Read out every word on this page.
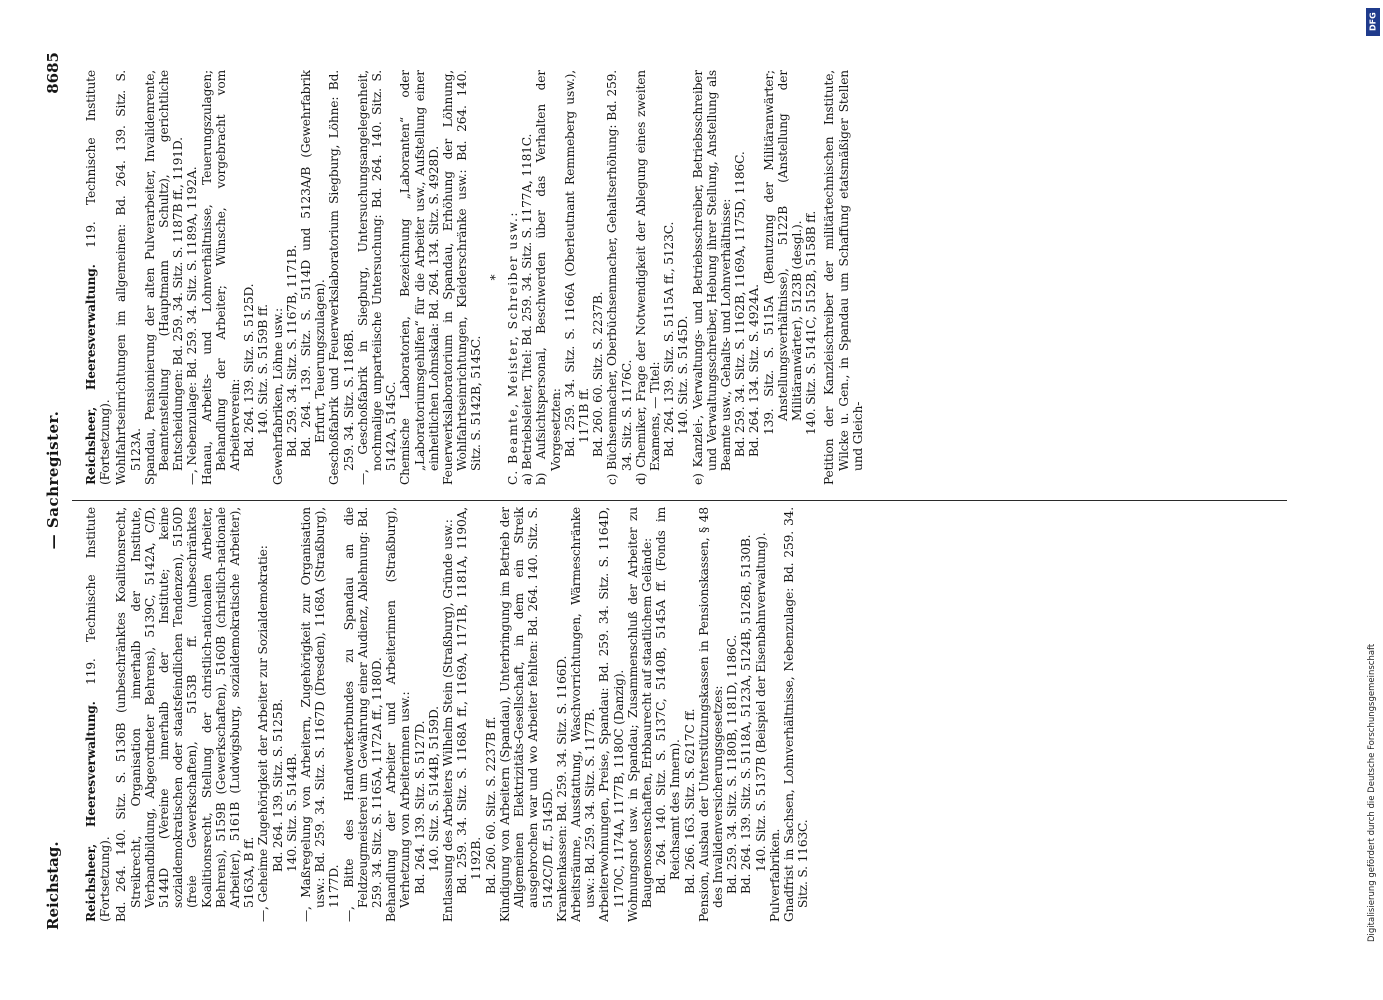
Reichstag.
— Sachregister.
8685

Reichsheer, Heeresverwaltung. 119. Technische Institute (Fortsetzung). Bd. 264. 140. Sitz. S. 5136B (unbeschränktes Koalitionsrecht, Streikrecht, Organisation innerhalb der Institute, Verbandbildung, Abgeordneter Behrens), 5139C, 5142A, C/D, 5144D (Vereine innerhalb der Institute; keine sozialdemokratischen oder staatsfeindlichen Tendenzen), 5150D (freie Gewerkschaften), 5153B ff. (unbeschränktes Koalitionsrecht, Stellung der christlich-nationalen Arbeiter, Behrens), 5159B (Gewerkschaften), 5160B (christlich-nationale Arbeiter), 5161B (Ludwigsburg, sozialdemokratische Arbeiter), 5163A, B ff. —, Geheime Zugehörigkeit der Arbeiter zur Sozialdemokratie: Bd. 264. 139. Sitz. S. 5125B. 140. Sitz. S. 5144B. —, Maßregelung von Arbeitern, Zugehörigkeit zur Organisation usw.: Bd. 259. 34. Sitz. S. 1167D (Dresden), 1168A (Straßburg), 1177D. —, Bitte des Handwerkerbundes zu Spandau an die Feldzeugmeisterei um Gewährung einer Audienz, Ablehnung: Bd. 259. 34. Sitz. S. 1165A, 1172A ff., 1180D. Behandlung der Arbeiter und Arbeiterinnen (Straßburg), Verhetzung von Arbeiterinnen usw.: Bd. 264. 139. Sitz. S. 5127D. 140. Sitz. S. 5144B, 5159D. Entlassung des Arbeiters Wilhelm Stein (Straßburg), Gründe usw.: Bd. 259. 34. Sitz. S. 1168A ff., 1169A, 1171B, 1181A, 1190A, 1192B. Bd. 260. 60. Sitz. S. 2237B ff. Kündigung von Arbeitern (Spandau), Unterbringung im Betrieb der Allgemeinen Elektrizitäts-Gesellschaft, in dem ein Streik ausgebrochen war und wo Arbeiter fehlten: Bd. 264. 140. Sitz. S. 5142C/D ff., 5145D. Krankenkassen: Bd. 259. 34. Sitz. S. 1166D. Arbeitsräume, Ausstattung, Waschvorrichtungen, Wärmeschränke usw.: Bd. 259. 34. Sitz. S. 1177B. Arbeiterwohnungen, Preise, Spandau: Bd. 259. 34. Sitz. S. 1164D, 1170C, 1174A, 1177B, 1180C (Danzig). Wohnungsnot usw. in Spandau; Zusammenschluß der Arbeiter zu Baugenossenschaften, Erbbaurecht auf staatlichem Gelände: Bd. 264. 140. Sitz. S. 5137C, 5140B, 5145A ff. (Fonds im Reichsamt des Innern). Bd. 266. 163. Sitz. S. 6217C ff. Pension, Ausbau der Unterstützungskassen in Pensionskassen, § 48 des Invalidenversicherungsgesetzes: Bd. 259. 34. Sitz. S. 1180B, 1181D, 1186C. Bd. 264. 139. Sitz. S. 5118A, 5123A, 5124B, 5126B, 5130B. 140. Sitz. S. 5137B (Beispiel der Eisenbahnverwaltung).

Pulverfabriken. Gnadfrist in Sachsen, Lohnverhältnisse, Nebenzulage: Bd. 259. 34. Sitz. S. 1163C.

Reichsheer, Heeresverwaltung. 119. Technische Institute (Fortsetzung). Wohlfahrtseinrichtungen im allgemeinen: Bd. 264. 139. Sitz. S. 5123A. Spandau, Pensionierung der alten Pulverarbeiter, Invalidenrente, Beamtenstellung (Hauptmann Schultz), gerichtliche Entscheidungen: Bd. 259. 34. Sitz. S. 1187B ff., 1191D. —, Nebenzulage: Bd. 259. 34. Sitz. S. 1189A, 1192A. Hanau, Arbeits- und Lohnverhältnisse, Teuerungszulagen; Behandlung der Arbeiter; Wünsche, vorgebracht vom Arbeiterverein: Bd. 264. 139. Sitz. S. 5125D. 140. Sitz. S. 5159B ff. Gewehrfabriken, Löhne usw.: Bd. 259. 34. Sitz. S. 1167B, 1171B. Bd. 264. 139. Sitz. S. 5114D und 5123A/B (Gewehrfabrik Erfurt, Teuerungszulagen). Geschoßfabrik und Feuerwerkslaboratorium Siegburg, Löhne: Bd. 259. 34. Sitz. S. 1186B. —, Geschoßfabrik in Siegburg, Untersuchungsangelegenheit, nochmalige unparteiische Untersuchung: Bd. 264. 140. Sitz. S. 5142A, 5145C. Chemische Laboratorien, Bezeichnung „Laboranten“ oder „Laboratoriumsgehilfen“ für die Arbeiter usw., Aufstellung einer einheitlichen Lohnskala: Bd. 264. 134. Sitz. S. 4928D. Feuerwerkslaboratorium in Spandau, Erhöhung der Löhnung, Wohlfahrtseinrichtungen, Kleiderschränke usw.: Bd. 264. 140. Sitz. S. 5142B, 5145C.

* C. Beamte, Meister, Schreiber usw.: a) Betriebsleiter, Titel: Bd. 259. 34. Sitz. S. 1177A, 1181C. b) Aufsichtspersonal, Beschwerden über das Verhalten der Vorgesetzten: Bd. 259. 34. Sitz. S. 1166A (Oberleutnant Remmeberg usw.), 1171B ff. Bd. 260. 60. Sitz. S. 2237B. c) Büchsenmacher, Oberbüchsenmacher, Gehaltserhöhung: Bd. 259. 34. Sitz. S. 1176C. d) Chemiker, Frage der Notwendigkeit der Ablegung eines zweiten Examens, — Titel: Bd. 264. 139. Sitz. S. 5115A ff., 5123C. 140. Sitz. S. 5145D. e) Kanzlei-, Verwaltungs- und Betriebsschreiber, Betriebsschreiber und Verwaltungsschreiber, Hebung ihrer Stellung, Anstellung als Beamte usw., Gehalts- und Lohnverhältnisse: Bd. 259. 34. Sitz. S. 1162B, 1169A, 1175D, 1186C. Bd. 264. 134. Sitz. S. 4924A. 139. Sitz. S. 5115A (Benutzung der Militäranwärter; Anstellungsverhältnisse), 5122B (Anstellung der Militäranwärter), 5123B (desgl.). 140. Sitz. S. 5141C, 5152B, 5158B ff. Petition der Kanzleischreiber der militärtechnischen Institute, Wilcke u. Gen., in Spandau um Schaffung etatsmäßiger Stellen und Gleich-

DFG
Digitalisierung gefördert durch die Deutsche Forschungsgemeinschaft
